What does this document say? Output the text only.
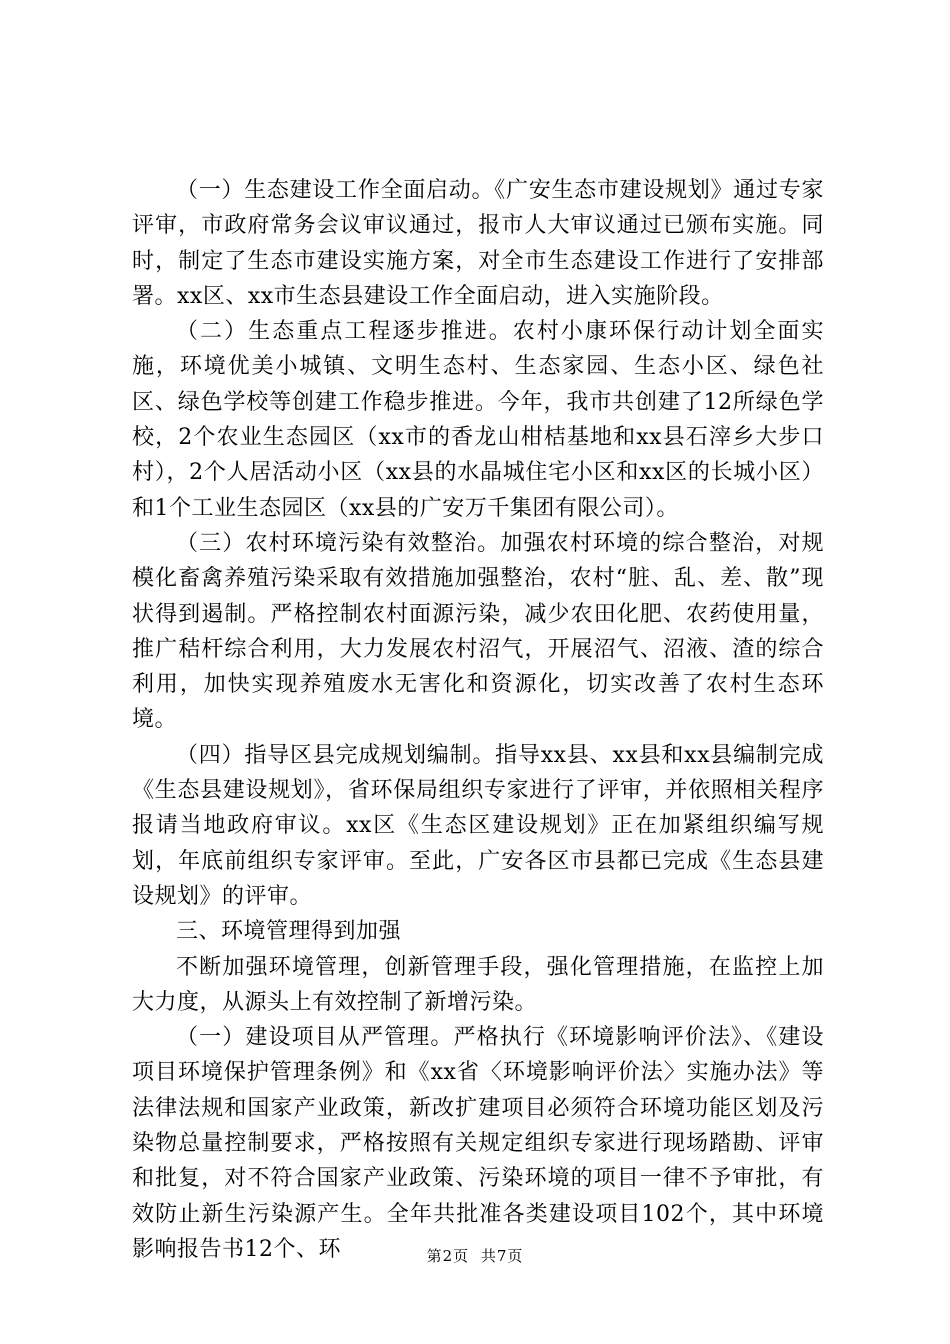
（一）生态建设工作全面启动。《广安生态市建设规划》通过专家评审，市政府常务会议审议通过，报市人大审议通过已颁布实施。同时，制定了生态市建设实施方案，对全市生态建设工作进行了安排部署。xx区、xx市生态县建设工作全面启动，进入实施阶段。

（二）生态重点工程逐步推进。农村小康环保行动计划全面实施，环境优美小城镇、文明生态村、生态家园、生态小区、绿色社区、绿色学校等创建工作稳步推进。今年，我市共创建了12所绿色学校，2个农业生态园区（xx市的香龙山柑桔基地和xx县石滓乡大步口村），2个人居活动小区（xx县的水晶城住宅小区和xx区的长城小区）和1个工业生态园区（xx县的广安万千集团有限公司）。

（三）农村环境污染有效整治。加强农村环境的综合整治，对规模化畜禽养殖污染采取有效措施加强整治，农村“脏、乱、差、散”现状得到遏制。严格控制农村面源污染，减少农田化肥、农药使用量，推广秸杆综合利用，大力发展农村沼气，开展沼气、沼液、渣的综合利用，加快实现养殖废水无害化和资源化，切实改善了农村生态环境。

（四）指导区县完成规划编制。指导xx县、xx县和xx县编制完成《生态县建设规划》，省环保局组织专家进行了评审，并依照相关程序报请当地政府审议。xx区《生态区建设规划》正在加紧组织编写规划，年底前组织专家评审。至此，广安各区市县都已完成《生态县建设规划》的评审。

三、环境管理得到加强

不断加强环境管理，创新管理手段，强化管理措施，在监控上加大力度，从源头上有效控制了新增污染。

（一）建设项目从严管理。严格执行《环境影响评价法》、《建设项目环境保护管理条例》和《xx省〈环境影响评价法〉实施办法》等法律法规和国家产业政策，新改扩建项目必须符合环境功能区划及污染物总量控制要求，严格按照有关规定组织专家进行现场踏勘、评审和批复，对不符合国家产业政策、污染环境的项目一律不予审批，有效防止新生污染源产生。全年共批准各类建设项目102个，其中环境影响报告书12个、环	第2页 共7页
